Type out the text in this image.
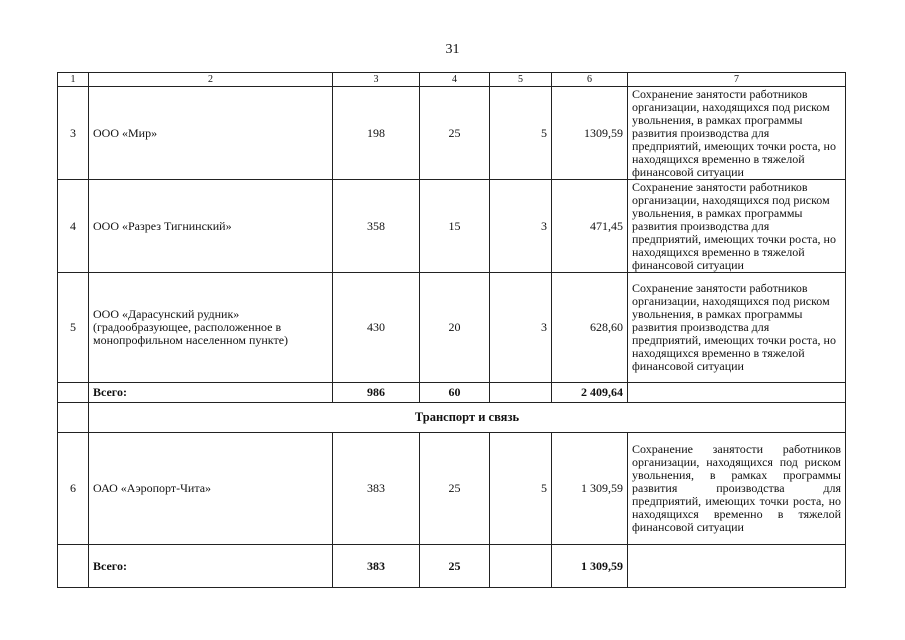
31
1	2	3	4	5	6	7
3	ООО «Мир»	198	25	5	1309,59	Сохранение занятости работников организации, находящихся под риском увольнения, в рамках программы развития производства для предприятий, имеющих точки роста, но находящихся временно в тяжелой финансовой ситуации
4	ООО «Разрез Тигнинский»	358	15	3	471,45	Сохранение занятости работников организации, находящихся под риском увольнения, в рамках программы развития производства для предприятий, имеющих точки роста, но находящихся временно в тяжелой финансовой ситуации
5	ООО «Дарасунский рудник» (градообразующее, расположенное в монопрофильном населенном пункте)	430	20	3	628,60	Сохранение занятости работников организации, находящихся под риском увольнения, в рамках программы развития производства для предприятий, имеющих точки роста, но находящихся временно в тяжелой финансовой ситуации
	Всего:	986	60		2 409,64	
	Транспорт и связь					
6	ОАО «Аэропорт-Чита»	383	25	5	1 309,59	Сохранение занятости работников организации, находящихся под риском увольнения, в рамках программы развития производства для предприятий, имеющих точки роста, но находящихся временно в тяжелой финансовой ситуации
	Всего:	383	25		1 309,59	
